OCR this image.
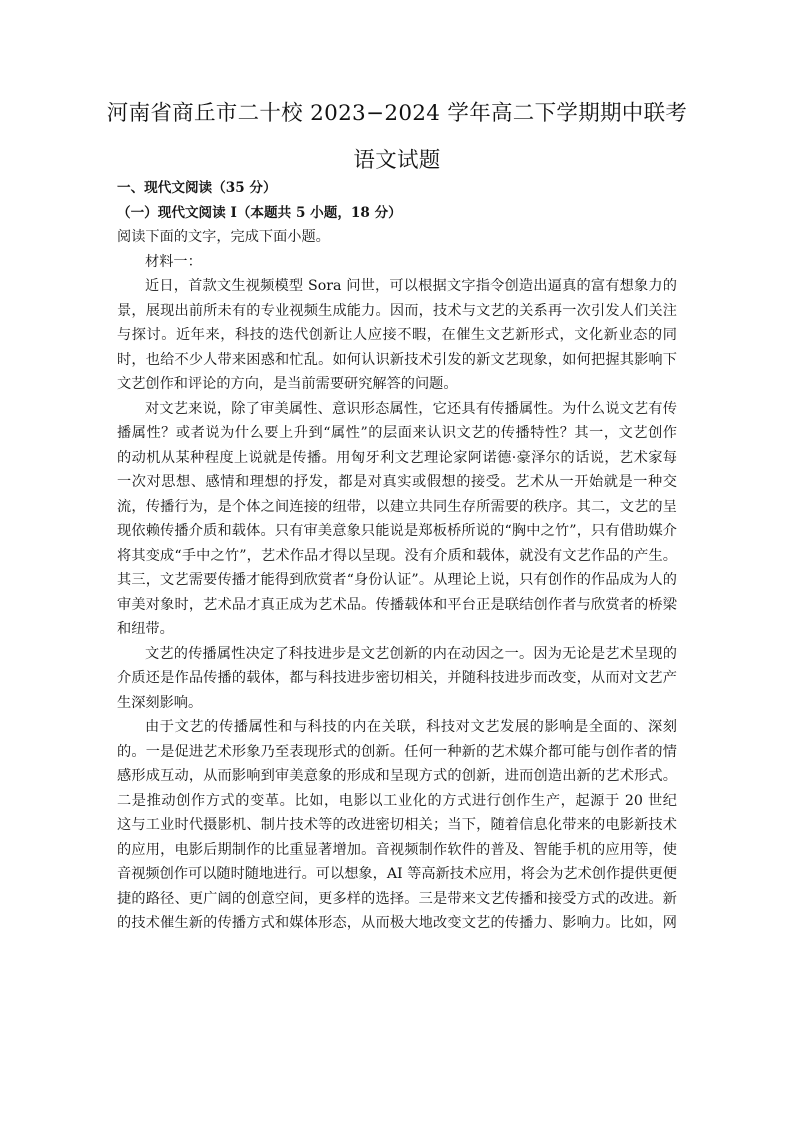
河南省商丘市二十校 2023−2024 学年高二下学期期中联考
语文试题
一、现代文阅读（35 分）
（一）现代文阅读 I（本题共 5 小题，18 分）
阅读下面的文字，完成下面小题。
材料一：
近日，首款文生视频模型 Sora 问世，可以根据文字指令创造出逼真的富有想象力的
景，展现出前所未有的专业视频生成能力。因而，技术与文艺的关系再一次引发人们关注
与探讨。近年来，科技的迭代创新让人应接不暇，在催生文艺新形式，文化新业态的同
时，也给不少人带来困惑和忙乱。如何认识新技术引发的新文艺现象，如何把握其影响下
文艺创作和评论的方向，是当前需要研究解答的问题。
对文艺来说，除了审美属性、意识形态属性，它还具有传播属性。为什么说文艺有传
播属性？或者说为什么要上升到“属性”的层面来认识文艺的传播特性？其一，文艺创作
的动机从某种程度上说就是传播。用匈牙利文艺理论家阿诺德·豪泽尔的话说，艺术家每
一次对思想、感情和理想的抒发，都是对真实或假想的接受。艺术从一开始就是一种交
流，传播行为，是个体之间连接的纽带，以建立共同生存所需要的秩序。其二，文艺的呈
现依赖传播介质和载体。只有审美意象只能说是郑板桥所说的“胸中之竹”，只有借助媒介
将其变成“手中之竹”，艺术作品才得以呈现。没有介质和载体，就没有文艺作品的产生。
其三，文艺需要传播才能得到欣赏者“身份认证”。从理论上说，只有创作的作品成为人的
审美对象时，艺术品才真正成为艺术品。传播载体和平台正是联结创作者与欣赏者的桥梁
和纽带。
文艺的传播属性决定了科技进步是文艺创新的内在动因之一。因为无论是艺术呈现的
介质还是作品传播的载体，都与科技进步密切相关，并随科技进步而改变，从而对文艺产
生深刻影响。
由于文艺的传播属性和与科技的内在关联，科技对文艺发展的影响是全面的、深刻
的。一是促进艺术形象乃至表现形式的创新。任何一种新的艺术媒介都可能与创作者的情
感形成互动，从而影响到审美意象的形成和呈现方式的创新，进而创造出新的艺术形式。
二是推动创作方式的变革。比如，电影以工业化的方式进行创作生产，起源于 20 世纪
这与工业时代摄影机、制片技术等的改进密切相关；当下，随着信息化带来的电影新技术
的应用，电影后期制作的比重显著增加。音视频制作软件的普及、智能手机的应用等，使
音视频创作可以随时随地进行。可以想象，AI 等高新技术应用，将会为艺术创作提供更便
捷的路径、更广阔的创意空间，更多样的选择。三是带来文艺传播和接受方式的改进。新
的技术催生新的传播方式和媒体形态，从而极大地改变文艺的传播力、影响力。比如，网
